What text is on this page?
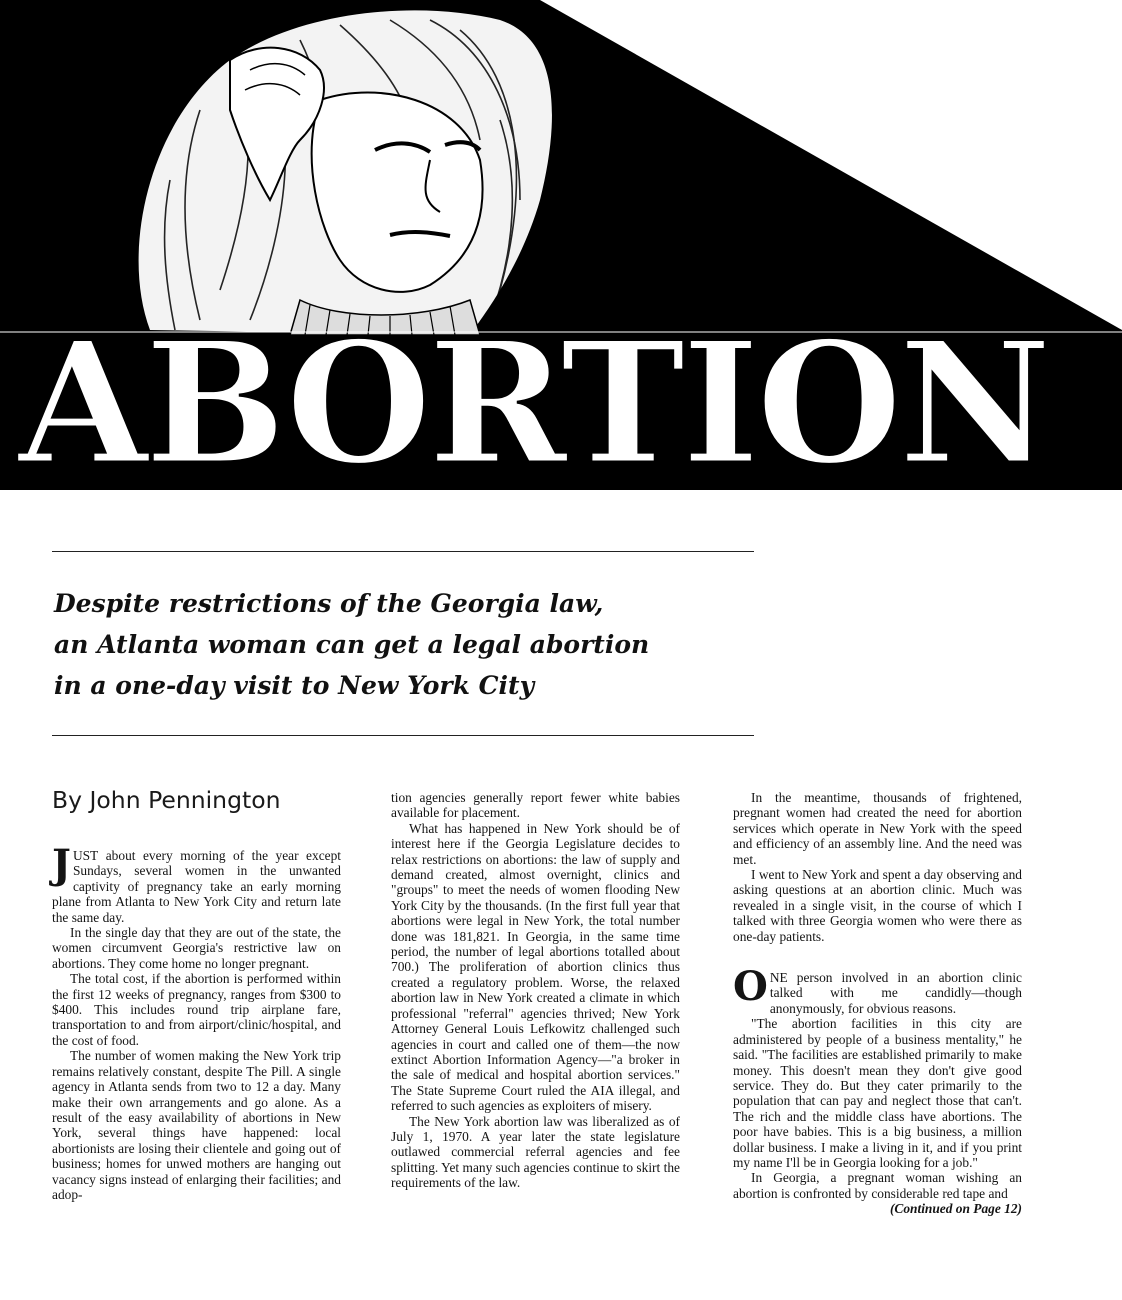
ABORTION
Despite restrictions of the Georgia law,
an Atlanta woman can get a legal abortion
in a one-day visit to New York City
By John Pennington

JUST about every morning of the year except Sundays, several women in the unwanted captivity of pregnancy take an early morning plane from Atlanta to New York City and return late the same day.

In the single day that they are out of the state, the women circumvent Georgia's restrictive law on abortions. They come home no longer pregnant.

The total cost, if the abortion is performed within the first 12 weeks of pregnancy, ranges from $300 to $400. This includes round trip airplane fare, transportation to and from airport/clinic/hospital, and the cost of food.

The number of women making the New York trip remains relatively constant, despite The Pill. A single agency in Atlanta sends from two to 12 a day. Many make their own arrangements and go alone. As a result of the easy availability of abortions in New York, several things have happened: local abortionists are losing their clientele and going out of business; homes for unwed mothers are hanging out vacancy signs instead of enlarging their facilities; and adop-

tion agencies generally report fewer white babies available for placement.

What has happened in New York should be of interest here if the Georgia Legislature decides to relax restrictions on abortions: the law of supply and demand created, almost overnight, clinics and "groups" to meet the needs of women flooding New York City by the thousands. (In the first full year that abortions were legal in New York, the total number done was 181,821. In Georgia, in the same time period, the number of legal abortions totalled about 700.) The proliferation of abortion clinics thus created a regulatory problem. Worse, the relaxed abortion law in New York created a climate in which professional "referral" agencies thrived; New York Attorney General Louis Lefkowitz challenged such agencies in court and called one of them—the now extinct Abortion Information Agency—"a broker in the sale of medical and hospital abortion services." The State Supreme Court ruled the AIA illegal, and referred to such agencies as exploiters of misery.

The New York abortion law was liberalized as of July 1, 1970. A year later the state legislature outlawed commercial referral agencies and fee splitting. Yet many such agencies continue to skirt the requirements of the law.

In the meantime, thousands of frightened, pregnant women had created the need for abortion services which operate in New York with the speed and efficiency of an assembly line. And the need was met.

I went to New York and spent a day observing and asking questions at an abortion clinic. Much was revealed in a single visit, in the course of which I talked with three Georgia women who were there as one-day patients.

ONE person involved in an abortion clinic talked with me candidly—though anonymously, for obvious reasons.

"The abortion facilities in this city are administered by people of a business mentality," he said. "The facilities are established primarily to make money. This doesn't mean they don't give good service. They do. But they cater primarily to the population that can pay and neglect those that can't. The rich and the middle class have abortions. The poor have babies. This is a big business, a million dollar business. I make a living in it, and if you print my name I'll be in Georgia looking for a job."

In Georgia, a pregnant woman wishing an abortion is confronted by considerable red tape and
(Continued on Page 12)
